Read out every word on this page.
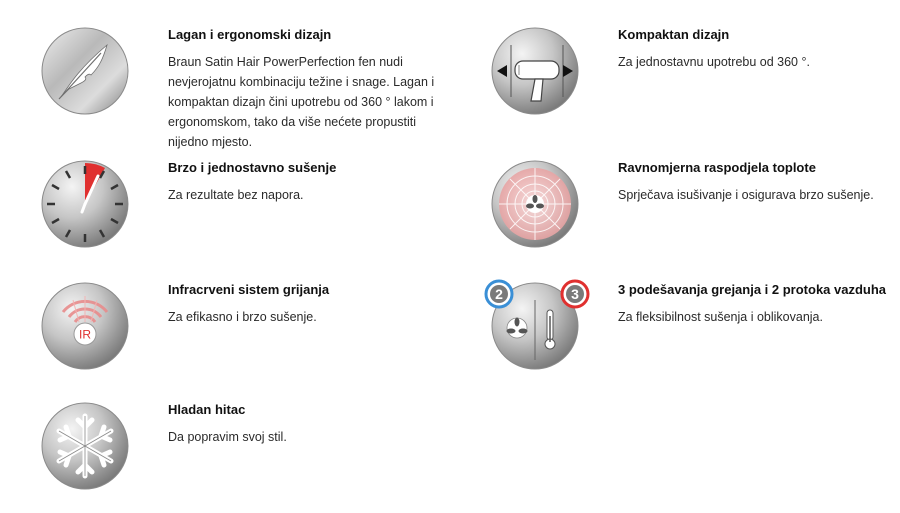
Lagan i ergonomski dizajn

Braun Satin Hair PowerPerfection fen nudi nevjerojatnu kombinaciju težine i snage. Lagan i kompaktan dizajn čini upotrebu od 360 ° lakom i ergonomskom, tako da više nećete propustiti nijedno mjesto.

Kompaktan dizajn

Za jednostavnu upotrebu od 360 °.

Brzo i jednostavno sušenje

Za rezultate bez napora.

Ravnomjerna raspodjela toplote

Sprječava isušivanje i osigurava brzo sušenje.

IR

Infracrveni sistem grijanja

Za efikasno i brzo sušenje.

2	3	3 podešavanja grejanja i 2 protoka vazduha

Za fleksibilnost sušenja i oblikovanja.

Hladan hitac

Da popravim svoj stil.
